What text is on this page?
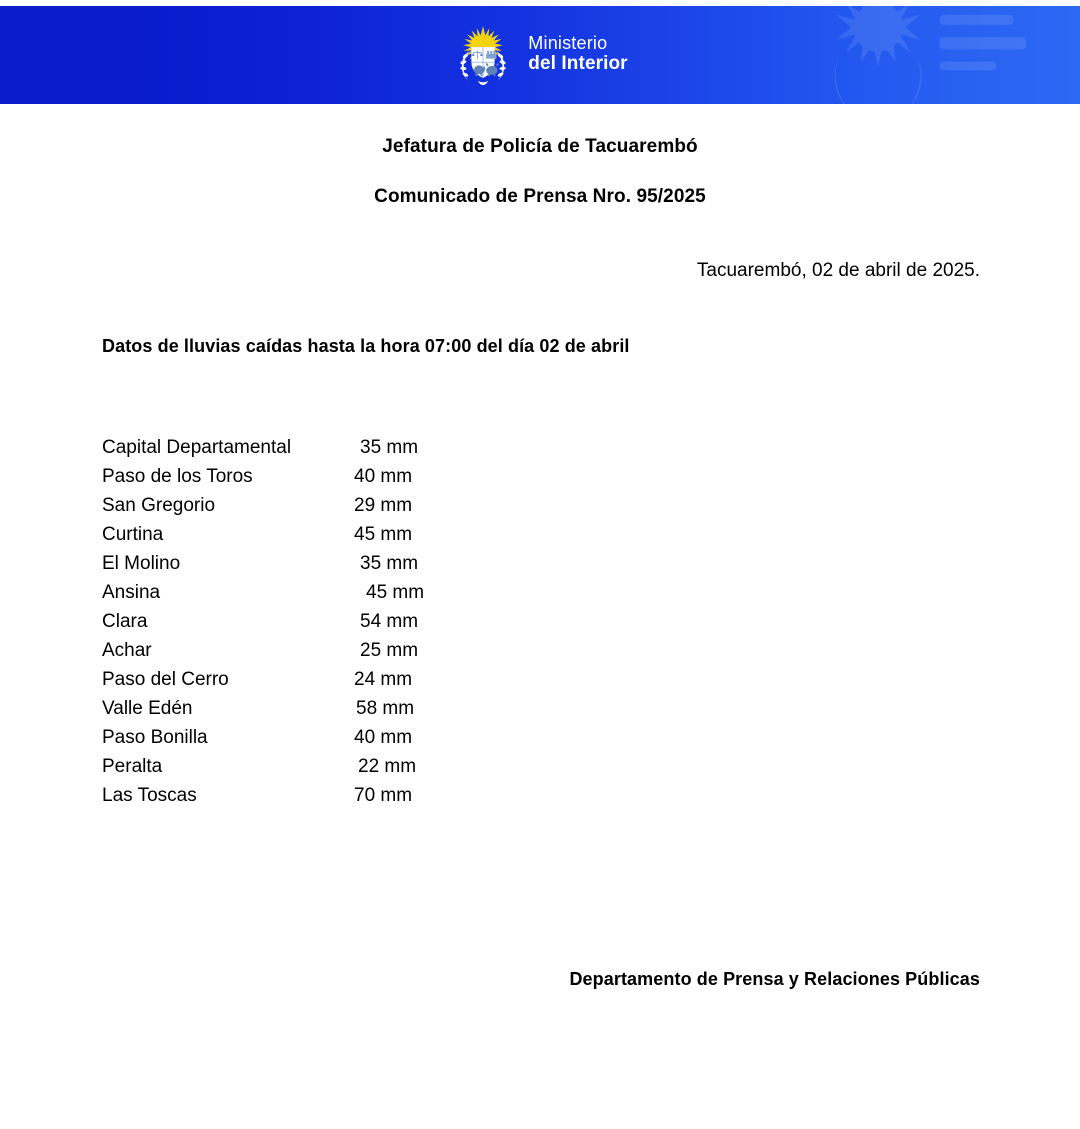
Ministerio
del Interior
Jefatura de Policía de Tacuarembó
Comunicado de Prensa Nro. 95/2025

Tacuarembó, 02 de abril de 2025.

Datos de lluvias caídas hasta la hora 07:00 del día 02 de abril

Capital Departamental	35 mm
Paso de los Toros	40 mm
San Gregorio	29 mm
Curtina	45 mm
El Molino	35 mm
Ansina	45 mm
Clara	54 mm
Achar	25 mm
Paso del Cerro	24 mm
Valle Edén	58 mm
Paso Bonilla	40 mm
Peralta	22 mm
Las Toscas	70 mm

Departamento de Prensa y Relaciones Públicas
